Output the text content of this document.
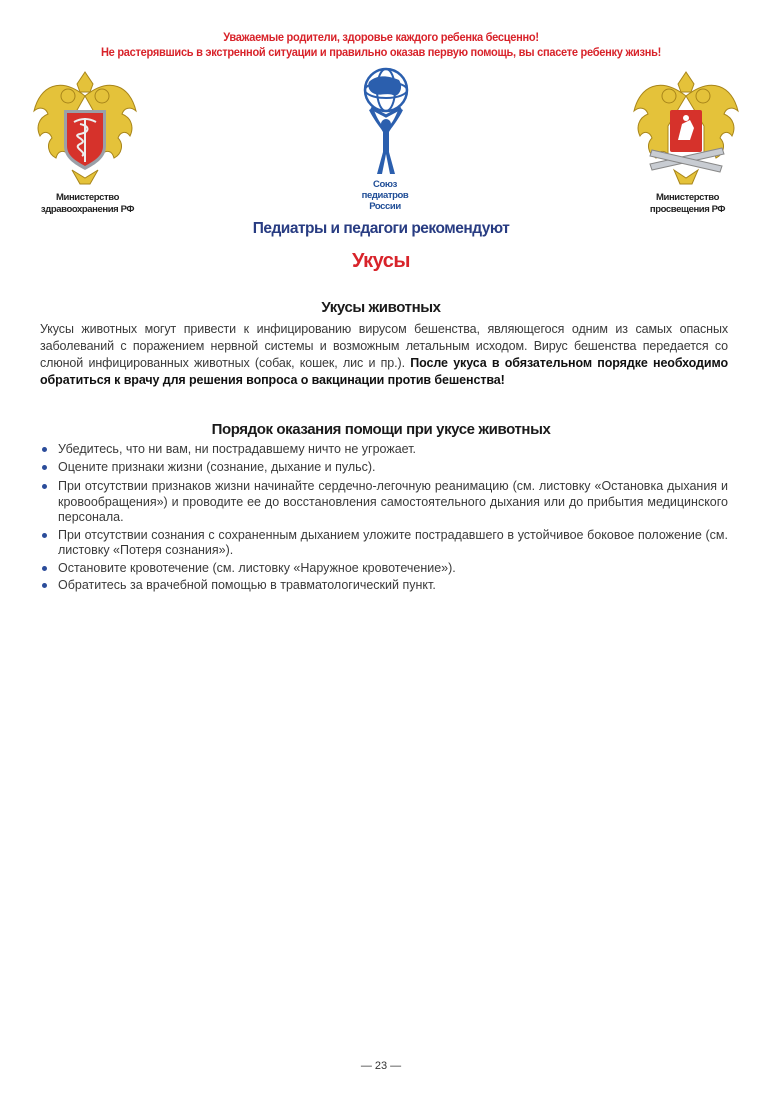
Уважаемые родители, здоровье каждого ребенка бесценно!
Не растерявшись в экстренной ситуации и правильно оказав первую помощь, вы спасете ребенку жизнь!
Министерство
здравоохранения РФ
Союз
педиатров
России
Министерство
просвещения РФ
Педиатры и педагоги рекомендуют
Укусы
Укусы животных
Укусы животных могут привести к инфицированию вирусом бешенства, являющегося одним из самых опасных заболеваний с поражением нервной системы и возможным летальным исходом. Вирус бешенства передается со слюной инфицированных животных (собак, кошек, лис и пр.). После укуса в обязательном порядке необходимо обратиться к врачу для решения вопроса о вакцинации против бешенства!
Порядок оказания помощи при укусе животных
Убедитесь, что ни вам, ни пострадавшему ничто не угрожает.
Оцените признаки жизни (сознание, дыхание и пульс).
При отсутствии признаков жизни начинайте сердечно-легочную реанимацию (см. листовку «Остановка дыхания и кровообращения») и проводите ее до восстановления самостоятельного дыхания или до прибытия медицинского персонала.
При отсутствии сознания с сохраненным дыханием уложите пострадавшего в устойчивое боковое положение (см. листовку «Потеря сознания»).
Остановите кровотечение (см. листовку «Наружное кровотечение»).
Обратитесь за врачебной помощью в травматологический пункт.
— 23 —
